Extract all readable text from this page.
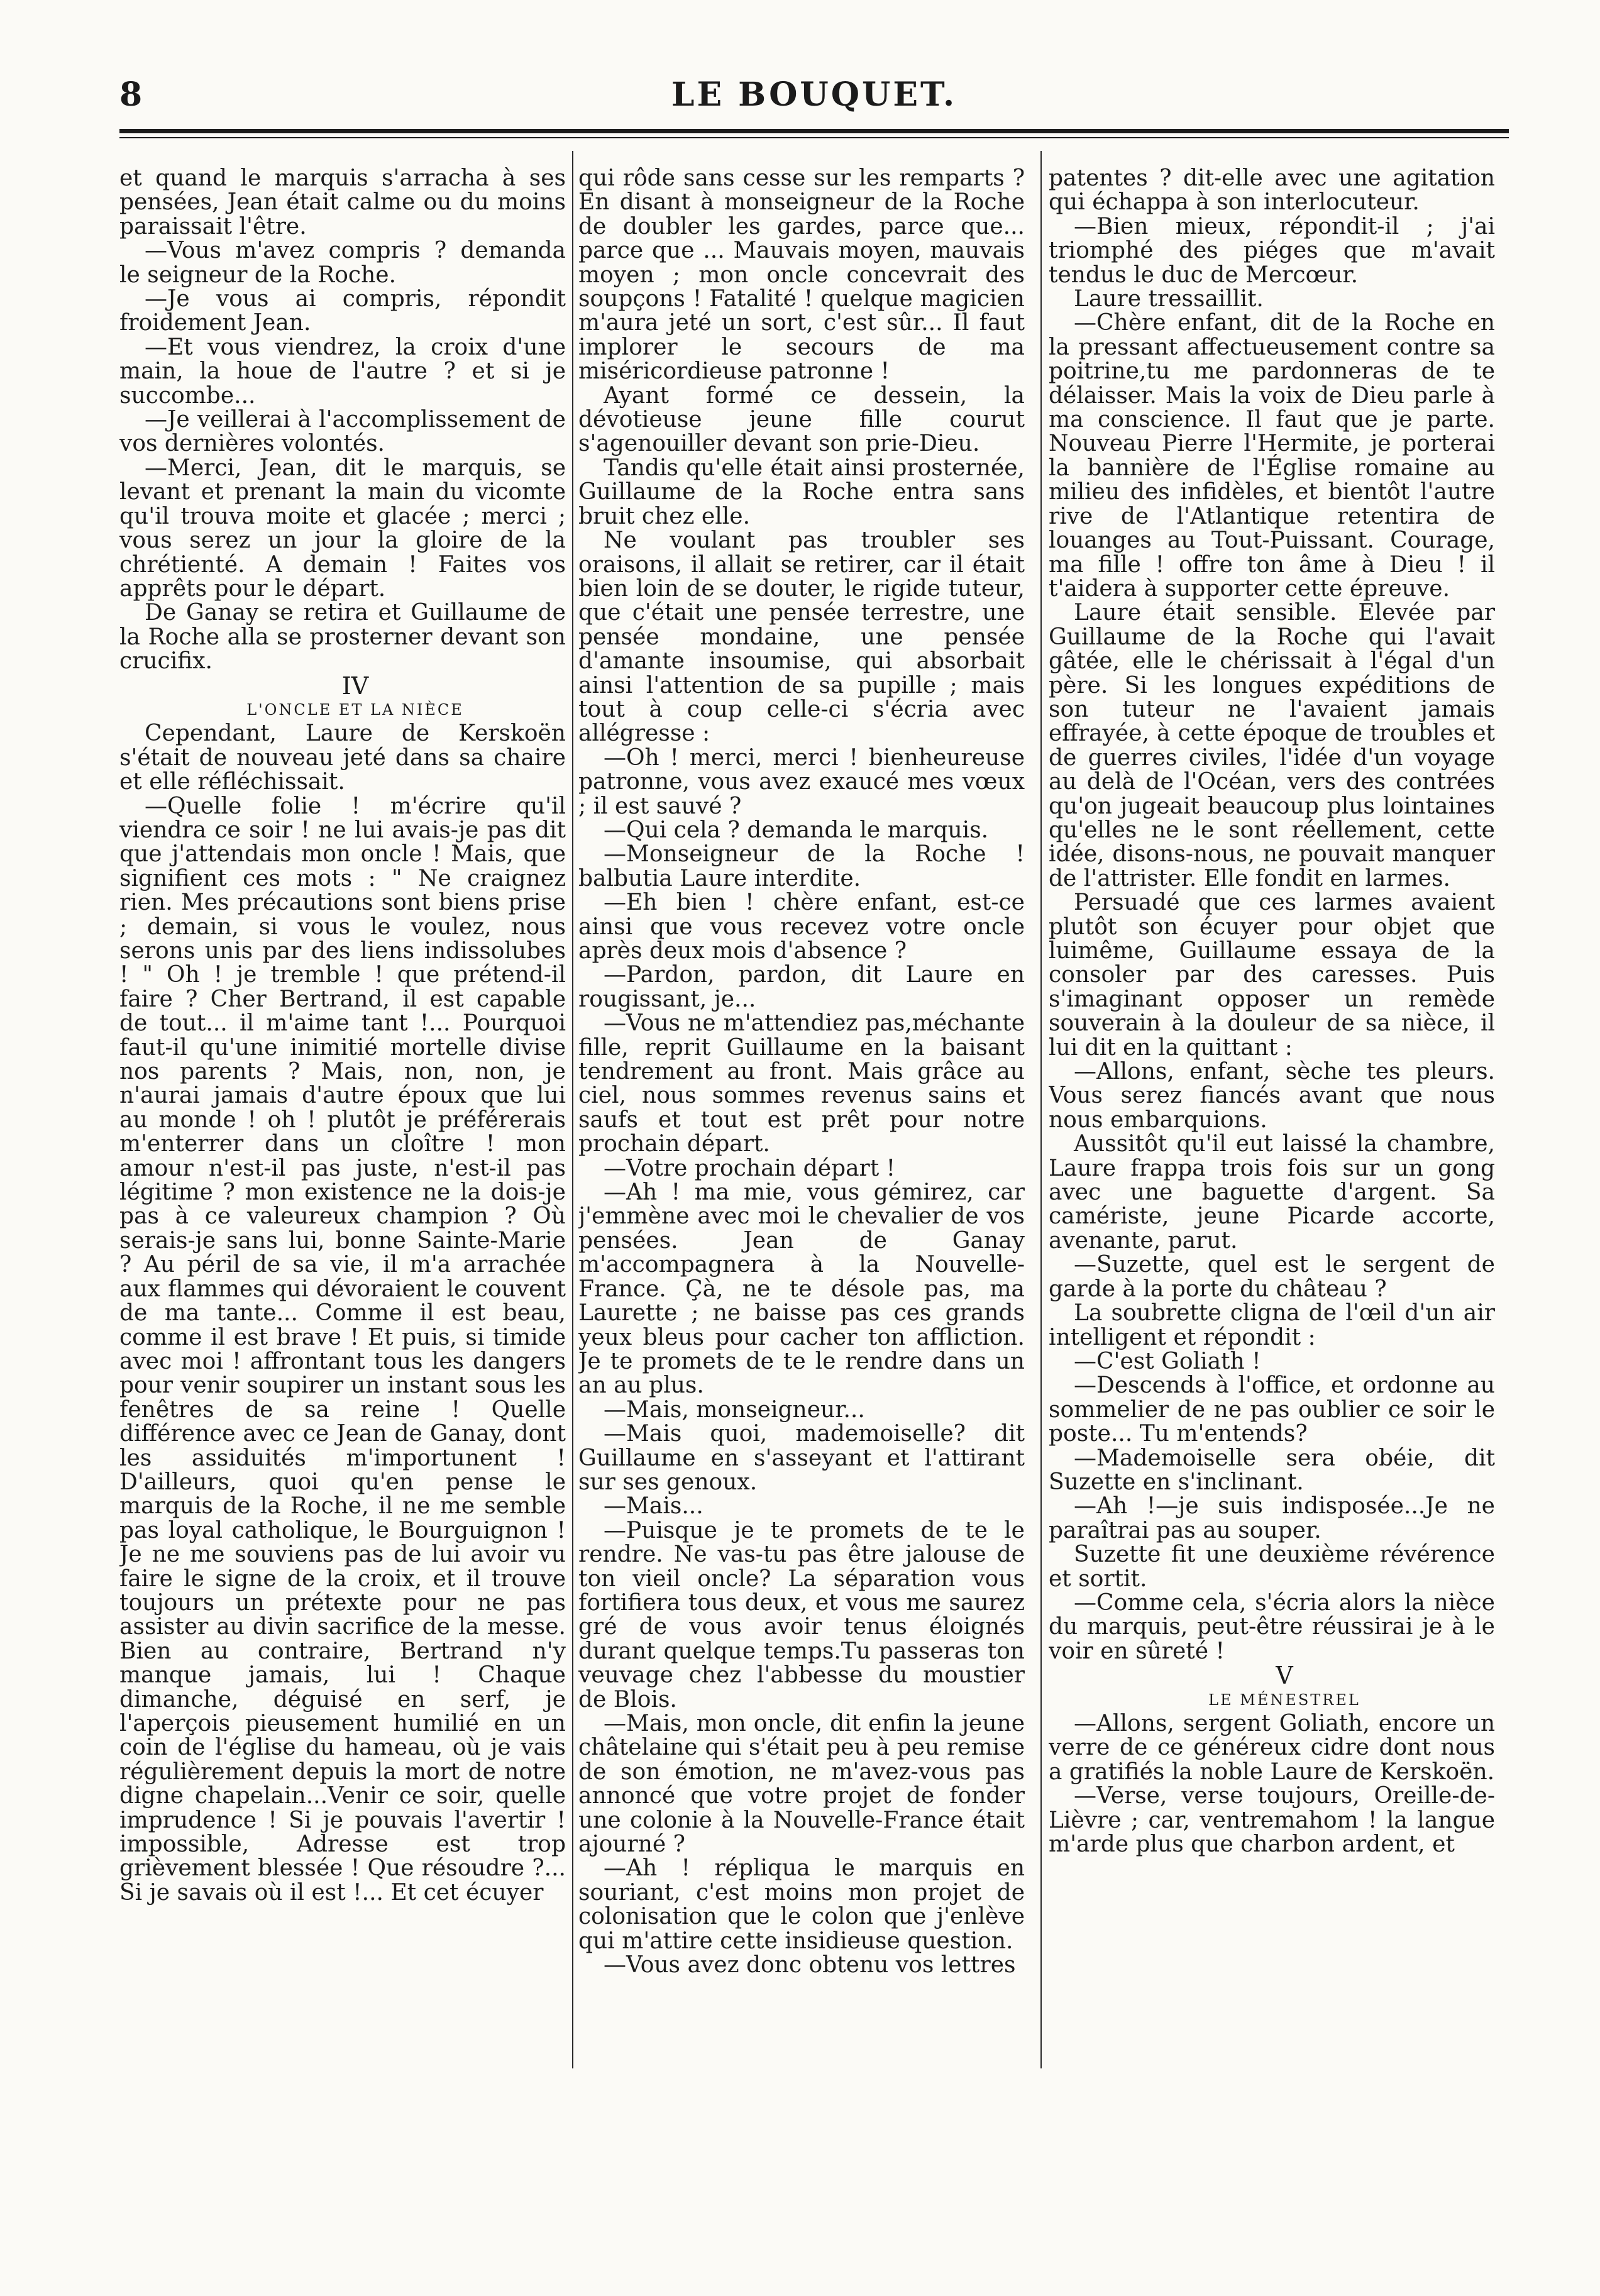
8	LE BOUQUET.

et quand le marquis s'arracha à ses pensées, Jean était calme ou du moins paraissait l'être.

—Vous m'avez compris ? demanda le seigneur de la Roche.

—Je vous ai compris, répondit froidement Jean.

—Et vous viendrez, la croix d'une main, la houe de l'autre ? et si je succombe...

—Je veillerai à l'accomplissement de vos dernières volontés.

—Merci, Jean, dit le marquis, se levant et prenant la main du vicomte qu'il trouva moite et glacée ; merci ; vous serez un jour la gloire de la chrétienté. A demain ! Faites vos apprêts pour le départ.

De Ganay se retira et Guillaume de la Roche alla se prosterner devant son crucifix.

IV

L'ONCLE ET LA NIÈCE

Cependant, Laure de Kerskoën s'était de nouveau jeté dans sa chaire et elle réfléchissait.

—Quelle folie ! m'écrire qu'il viendra ce soir ! ne lui avais-je pas dit que j'attendais mon oncle ! Mais, que signifient ces mots : " Ne craignez rien. Mes précautions sont biens prise ; demain, si vous le voulez, nous serons unis par des liens indissolubes ! " Oh ! je tremble ! que prétend-il faire ? Cher Bertrand, il est capable de tout... il m'aime tant !... Pourquoi faut-il qu'une inimitié mortelle divise nos parents ? Mais, non, non, je n'aurai jamais d'autre époux que lui au monde ! oh ! plutôt je préférerais m'enterrer dans un cloître ! mon amour n'est-il pas juste, n'est-il pas légitime ? mon existence ne la dois-je pas à ce valeureux champion ? Où serais-je sans lui, bonne Sainte-Marie ? Au péril de sa vie, il m'a arrachée aux flammes qui dévoraient le couvent de ma tante... Comme il est beau, comme il est brave ! Et puis, si timide avec moi ! affrontant tous les dangers pour venir soupirer un instant sous les fenêtres de sa reine ! Quelle différence avec ce Jean de Ganay, dont les assiduités m'importunent ! D'ailleurs, quoi qu'en pense le marquis de la Roche, il ne me semble pas loyal catholique, le Bourguignon ! Je ne me souviens pas de lui avoir vu faire le signe de la croix, et il trouve toujours un prétexte pour ne pas assister au divin sacrifice de la messe. Bien au contraire, Bertrand n'y manque jamais, lui ! Chaque dimanche, déguisé en serf, je l'aperçois pieusement humilié en un coin de l'église du hameau, où je vais régulièrement depuis la mort de notre digne chapelain...Venir ce soir, quelle imprudence ! Si je pouvais l'avertir ! impossible, Adresse est trop grièvement blessée ! Que résoudre ?... Si je savais où il est !... Et cet écuyer

qui rôde sans cesse sur les remparts ? En disant à monseigneur de la Roche de doubler les gardes, parce que... parce que ... Mauvais moyen, mauvais moyen ; mon oncle concevrait des soupçons ! Fatalité ! quelque magicien m'aura jeté un sort, c'est sûr... Il faut implorer le secours de ma miséricordieuse patronne !

Ayant formé ce dessein, la dévotieuse jeune fille courut s'agenouiller devant son prie-Dieu.

Tandis qu'elle était ainsi prosternée, Guillaume de la Roche entra sans bruit chez elle.

Ne voulant pas troubler ses oraisons, il allait se retirer, car il était bien loin de se douter, le rigide tuteur, que c'était une pensée terrestre, une pensée mondaine, une pensée d'amante insoumise, qui absorbait ainsi l'attention de sa pupille ; mais tout à coup celle-ci s'écria avec allégresse :

—Oh ! merci, merci ! bienheureuse patronne, vous avez exaucé mes vœux ; il est sauvé ?

—Qui cela ? demanda le marquis.

—Monseigneur de la Roche ! balbutia Laure interdite.

—Eh bien ! chère enfant, est-ce ainsi que vous recevez votre oncle après deux mois d'absence ?

—Pardon, pardon, dit Laure en rougissant, je...

—Vous ne m'attendiez pas,méchante fille, reprit Guillaume en la baisant tendrement au front. Mais grâce au ciel, nous sommes revenus sains et saufs et tout est prêt pour notre prochain départ.

—Votre prochain départ !

—Ah ! ma mie, vous gémirez, car j'emmène avec moi le chevalier de vos pensées. Jean de Ganay m'accompagnera à la Nouvelle-France. Çà, ne te désole pas, ma Laurette ; ne baisse pas ces grands yeux bleus pour cacher ton affliction. Je te promets de te le rendre dans un an au plus.

—Mais, monseigneur...

—Mais quoi, mademoiselle? dit Guillaume en s'asseyant et l'attirant sur ses genoux.

—Mais...

—Puisque je te promets de te le rendre. Ne vas-tu pas être jalouse de ton vieil oncle? La séparation vous fortifiera tous deux, et vous me saurez gré de vous avoir tenus éloignés durant quelque temps.Tu passeras ton veuvage chez l'abbesse du moustier de Blois.

—Mais, mon oncle, dit enfin la jeune châtelaine qui s'était peu à peu remise de son émotion, ne m'avez-vous pas annoncé que votre projet de fonder une colonie à la Nouvelle-France était ajourné ?

—Ah ! répliqua le marquis en souriant, c'est moins mon projet de colonisation que le colon que j'enlève qui m'attire cette insidieuse question.

—Vous avez donc obtenu vos lettres

patentes ? dit-elle avec une agitation qui échappa à son interlocuteur.

—Bien mieux, répondit-il ; j'ai triomphé des piéges que m'avait tendus le duc de Mercœur.

Laure tressaillit.

—Chère enfant, dit de la Roche en la pressant affectueusement contre sa poitrine,tu me pardonneras de te délaisser. Mais la voix de Dieu parle à ma conscience. Il faut que je parte. Nouveau Pierre l'Hermite, je porterai la bannière de l'Église romaine au milieu des infidèles, et bientôt l'autre rive de l'Atlantique retentira de louanges au Tout-Puissant. Courage, ma fille ! offre ton âme à Dieu ! il t'aidera à supporter cette épreuve.

Laure était sensible. Elevée par Guillaume de la Roche qui l'avait gâtée, elle le chérissait à l'égal d'un père. Si les longues expéditions de son tuteur ne l'avaient jamais effrayée, à cette époque de troubles et de guerres civiles, l'idée d'un voyage au delà de l'Océan, vers des contrées qu'on jugeait beaucoup plus lointaines qu'elles ne le sont réellement, cette idée, disons-nous, ne pouvait manquer de l'attrister. Elle fondit en larmes.

Persuadé que ces larmes avaient plutôt son écuyer pour objet que luimême, Guillaume essaya de la consoler par des caresses. Puis s'imaginant opposer un remède souverain à la douleur de sa nièce, il lui dit en la quittant :

—Allons, enfant, sèche tes pleurs. Vous serez fiancés avant que nous nous embarquions.

Aussitôt qu'il eut laissé la chambre, Laure frappa trois fois sur un gong avec une baguette d'argent. Sa caméristе, jeune Picarde accorte, avenante, parut.

—Suzette, quel est le sergent de garde à la porte du château ?

La soubrette cligna de l'œil d'un air intelligent et répondit :

—C'est Goliath !

—Descends à l'office, et ordonne au sommelier de ne pas oublier ce soir le poste... Tu m'entends?

—Mademoiselle sera obéie, dit Suzette en s'inclinant.

—Ah !—je suis indisposée...Je ne paraîtrai pas au souper.

Suzette fit une deuxième révérence et sortit.

—Comme cela, s'écria alors la nièce du marquis, peut-être réussirai je à le voir en sûreté !

V

LE MÉNESTREL

—Allons, sergent Goliath, encore un verre de ce généreux cidre dont nous a gratifiés la noble Laure de Kerskoën.

—Verse, verse toujours, Oreille-de-Lièvre ; car, ventremahom ! la langue m'arde plus que charbon ardent, et
